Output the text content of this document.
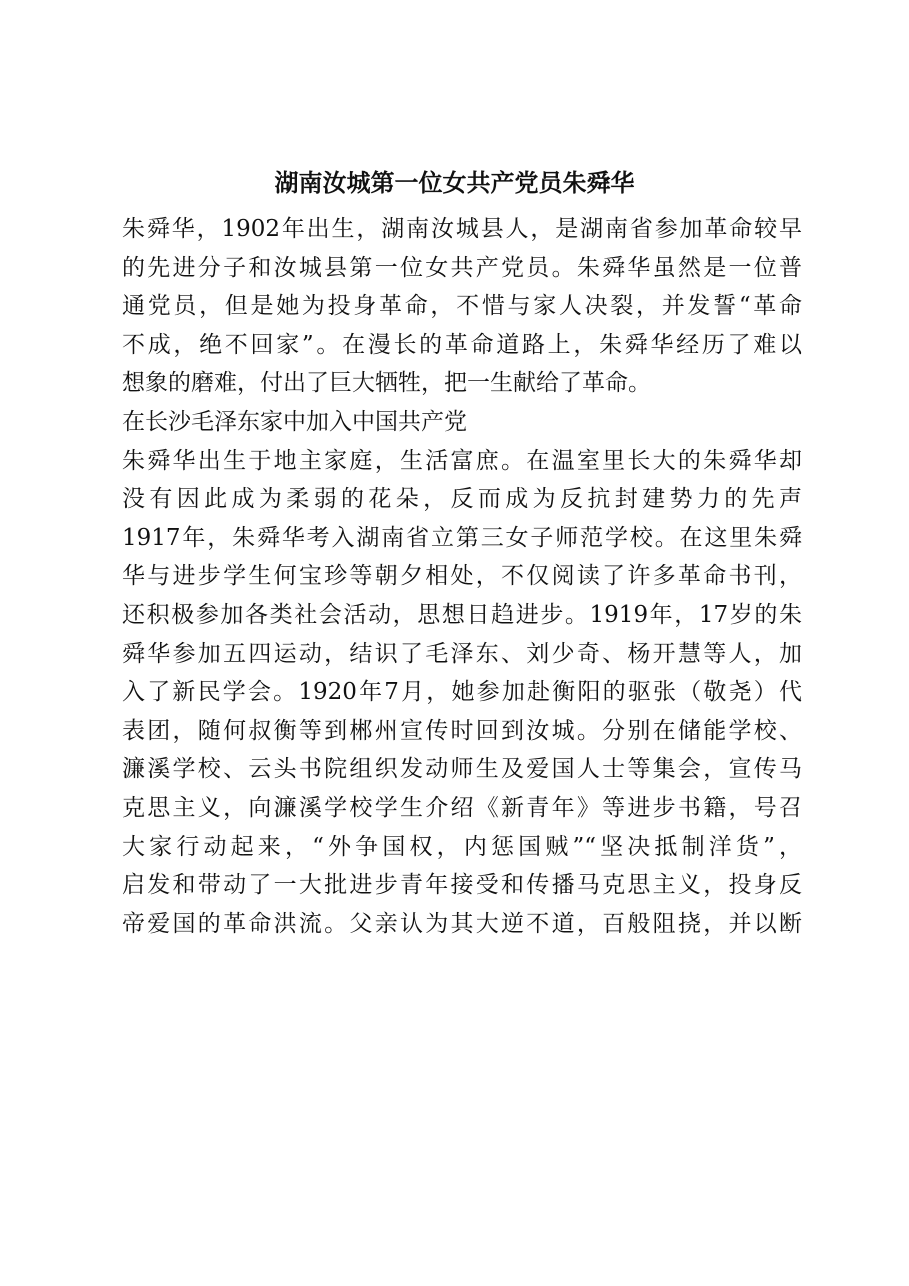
湖南汝城第一位女共产党员朱舜华
朱舜华，1902年出生，湖南汝城县人，是湖南省参加革命较早
的先进分子和汝城县第一位女共产党员。朱舜华虽然是一位普
通党员，但是她为投身革命，不惜与家人决裂，并发誓“革命
不成，绝不回家”。在漫长的革命道路上，朱舜华经历了难以
想象的磨难，付出了巨大牺牲，把一生献给了革命。
在长沙毛泽东家中加入中国共产党
朱舜华出生于地主家庭，生活富庶。在温室里长大的朱舜华却
没有因此成为柔弱的花朵，反而成为反抗封建势力的先声
1917年，朱舜华考入湖南省立第三女子师范学校。在这里朱舜
华与进步学生何宝珍等朝夕相处，不仅阅读了许多革命书刊，
还积极参加各类社会活动，思想日趋进步。1919年，17岁的朱
舜华参加五四运动，结识了毛泽东、刘少奇、杨开慧等人，加
入了新民学会。1920年7月，她参加赴衡阳的驱张（敬尧）代
表团，随何叔衡等到郴州宣传时回到汝城。分别在储能学校、
濂溪学校、云头书院组织发动师生及爱国人士等集会，宣传马
克思主义，向濂溪学校学生介绍《新青年》等进步书籍，号召
大家行动起来，“外争国权，内惩国贼”“坚决抵制洋货”，
启发和带动了一大批进步青年接受和传播马克思主义，投身反
帝爱国的革命洪流。父亲认为其大逆不道，百般阻挠，并以断
